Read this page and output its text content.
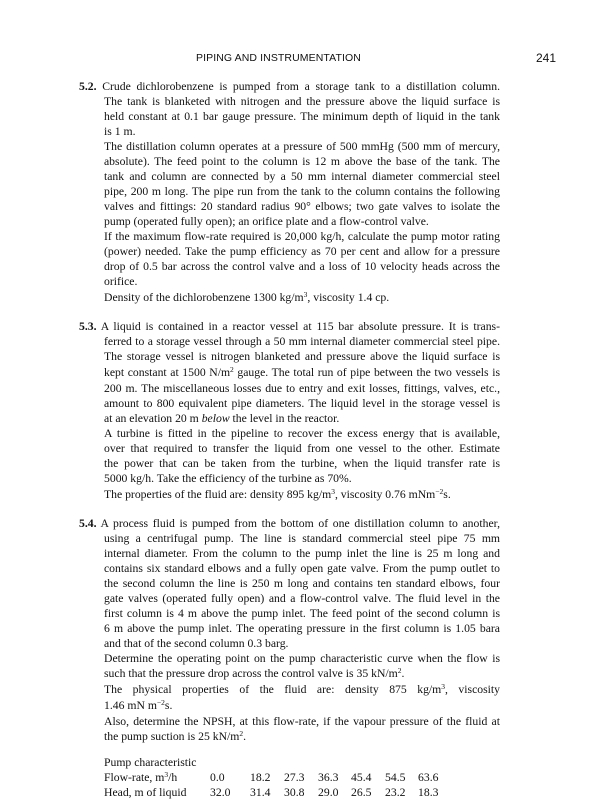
PIPING AND INSTRUMENTATION	241
5.2. Crude dichlorobenzene is pumped from a storage tank to a distillation column.
The tank is blanketed with nitrogen and the pressure above the liquid surface is
held constant at 0.1 bar gauge pressure. The minimum depth of liquid in the tank
is 1 m.
The distillation column operates at a pressure of 500 mmHg (500 mm of mercury,
absolute). The feed point to the column is 12 m above the base of the tank. The
tank and column are connected by a 50 mm internal diameter commercial steel
pipe, 200 m long. The pipe run from the tank to the column contains the following
valves and fittings: 20 standard radius 90° elbows; two gate valves to isolate the
pump (operated fully open); an orifice plate and a flow-control valve.
If the maximum flow-rate required is 20,000 kg/h, calculate the pump motor rating
(power) needed. Take the pump efficiency as 70 per cent and allow for a pressure
drop of 0.5 bar across the control valve and a loss of 10 velocity heads across the
orifice.
Density of the dichlorobenzene 1300 $kg/m^3$, viscosity 1.4 cp.
5.3. A liquid is contained in a reactor vessel at 115 bar absolute pressure. It is trans-
ferred to a storage vessel through a 50 mm internal diameter commercial steel pipe.
The storage vessel is nitrogen blanketed and pressure above the liquid surface is
kept constant at 1500 $N/m^2$ gauge. The total run of pipe between the two vessels is
200 m. The miscellaneous losses due to entry and exit losses, fittings, valves, etc.,
amount to 800 equivalent pipe diameters. The liquid level in the storage vessel is
at an elevation 20 m below the level in the reactor.
A turbine is fitted in the pipeline to recover the excess energy that is available,
over that required to transfer the liquid from one vessel to the other. Estimate
the power that can be taken from the turbine, when the liquid transfer rate is
5000 kg/h. Take the efficiency of the turbine as 70%.
The properties of the fluid are: density 895 $kg/m^3$, viscosity 0.76 mNm$^{-2}$s.
5.4. A process fluid is pumped from the bottom of one distillation column to another,
using a centrifugal pump. The line is standard commercial steel pipe 75 mm
internal diameter. From the column to the pump inlet the line is 25 m long and
contains six standard elbows and a fully open gate valve. From the pump outlet to
the second column the line is 250 m long and contains ten standard elbows, four
gate valves (operated fully open) and a flow-control valve. The fluid level in the
first column is 4 m above the pump inlet. The feed point of the second column is
6 m above the pump inlet. The operating pressure in the first column is 1.05 bara
and that of the second column 0.3 barg.
Determine the operating point on the pump characteristic curve when the flow is
such that the pressure drop across the control valve is 35 $kN/m^2$.
The physical properties of the fluid are: density 875 $kg/m^3$, viscosity
1.46 mN $m^{-2}s$.
Also, determine the NPSH, at this flow-rate, if the vapour pressure of the fluid at
the pump suction is 25 $kN/m^2$.
Pump characteristic
Flow-rate, $m^3/h$	0.0 18.2 27.3 36.3 45.4 54.5 63.6
Head, m of liquid 32.0 31.4 30.8 29.0 26.5 23.2 18.3
